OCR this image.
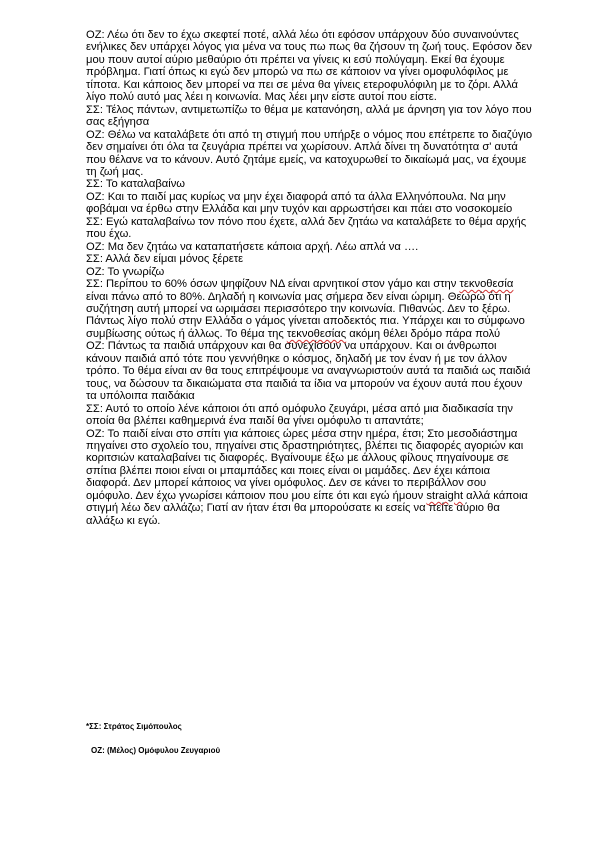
ΟΖ: Λέω ότι δεν το έχω σκεφτεί ποτέ, αλλά λέω ότι εφόσον υπάρχουν δύο συναινούντες ενήλικες δεν υπάρχει λόγος για μένα να τους πω πως θα ζήσουν τη ζωή τους. Εφόσον δεν μου πουν αυτοί αύριο μεθαύριο ότι πρέπει να γίνεις κι εσύ πολύγαμη. Εκεί θα έχουμε πρόβλημα. Γιατί όπως κι εγώ δεν μπορώ να πω σε κάποιον να γίνει ομοφυλόφιλος με τίποτα. Και κάποιος δεν μπορεί να πει σε μένα θα γίνεις ετεροφυλόφιλη με το ζόρι. Αλλά λίγο πολύ αυτό μας λέει η κοινωνία. Μας λέει μην είστε αυτοί που είστε.

ΣΣ: Τέλος πάντων, αντιμετωπίζω το θέμα με κατανόηση, αλλά με άρνηση για τον λόγο που σας εξήγησα

ΟΖ: Θέλω να καταλάβετε ότι από τη στιγμή που υπήρξε ο νόμος που επέτρεπε το διαζύγιο δεν σημαίνει ότι όλα τα ζευγάρια πρέπει να χωρίσουν. Απλά δίνει τη δυνατότητα σ' αυτά που θέλανε να το κάνουν. Αυτό ζητάμε εμείς, να κατοχυρωθεί το δικαίωμά μας, να έχουμε τη ζωή μας.

ΣΣ: Το καταλαβαίνω

ΟΖ: Και το παιδί μας κυρίως να μην έχει διαφορά από τα άλλα Ελληνόπουλα. Να μην φοβάμαι να έρθω στην Ελλάδα και μην τυχόν και αρρωστήσει και πάει στο νοσοκομείο

ΣΣ: Εγώ καταλαβαίνω τον πόνο που έχετε, αλλά δεν ζητάω να καταλάβετε το θέμα αρχής που έχω.

ΟΖ: Μα δεν ζητάω να καταπατήσετε κάποια αρχή. Λέω απλά να ….

ΣΣ: Αλλά δεν είμαι μόνος ξέρετε

ΟΖ: Το γνωρίζω

ΣΣ: Περίπου το 60% όσων ψηφίζουν ΝΔ είναι αρνητικοί στον γάμο και στην τεκνοθεσία είναι πάνω από το 80%. Δηλαδή η κοινωνία μας σήμερα δεν είναι ώριμη. Θεωρώ ότι η συζήτηση αυτή μπορεί να ωριμάσει περισσότερο την κοινωνία. Πιθανώς. Δεν το ξέρω. Πάντως λίγο πολύ στην Ελλάδα ο γάμος γίνεται αποδεκτός πια. Υπάρχει και το σύμφωνο συμβίωσης ούτως ή άλλως. Το θέμα της τεκνοθεσίας ακόμη θέλει δρόμο πάρα πολύ

ΟΖ: Πάντως τα παιδιά υπάρχουν και θα συνεχίσουν να υπάρχουν. Και οι άνθρωποι κάνουν παιδιά από τότε που γεννήθηκε ο κόσμος, δηλαδή με τον έναν ή με τον άλλον τρόπο. Το θέμα είναι αν θα τους επιτρέψουμε να αναγνωριστούν αυτά τα παιδιά ως παιδιά τους, να δώσουν τα δικαιώματα στα παιδιά τα ίδια να μπορούν να έχουν αυτά που έχουν τα υπόλοιπα παιδάκια

ΣΣ: Αυτό το οποίο λένε κάποιοι ότι από ομόφυλο ζευγάρι, μέσα από μια διαδικασία την οποία θα βλέπει καθημερινά ένα παιδί θα γίνει ομόφυλο τι απαντάτε;

ΟΖ: Το παιδί είναι στο σπίτι για κάποιες ώρες μέσα στην ημέρα, έτσι; Στο μεσοδιάστημα πηγαίνει στο σχολείο του, πηγαίνει στις δραστηριότητες, βλέπει τις διαφορές αγοριών και κοριτσιών καταλαβαίνει τις διαφορές. Βγαίνουμε έξω με άλλους φίλους πηγαίνουμε σε σπίτια βλέπει ποιοι είναι οι μπαμπάδες και ποιες είναι οι μαμάδες. Δεν έχει κάποια διαφορά. Δεν μπορεί κάποιος να γίνει ομόφυλος. Δεν σε κάνει το περιβάλλον σου ομόφυλο. Δεν έχω γνωρίσει κάποιον που μου είπε ότι και εγώ ήμουν straight αλλά κάποια στιγμή λέω δεν αλλάζω; Γιατί αν ήταν έτσι θα μπορούσατε κι εσείς να πείτε αύριο θα αλλάξω κι εγώ.

*ΣΣ: Στράτος Σιμόπουλος
ΟΖ: (Μέλος) Ομόφυλου Ζευγαριού
